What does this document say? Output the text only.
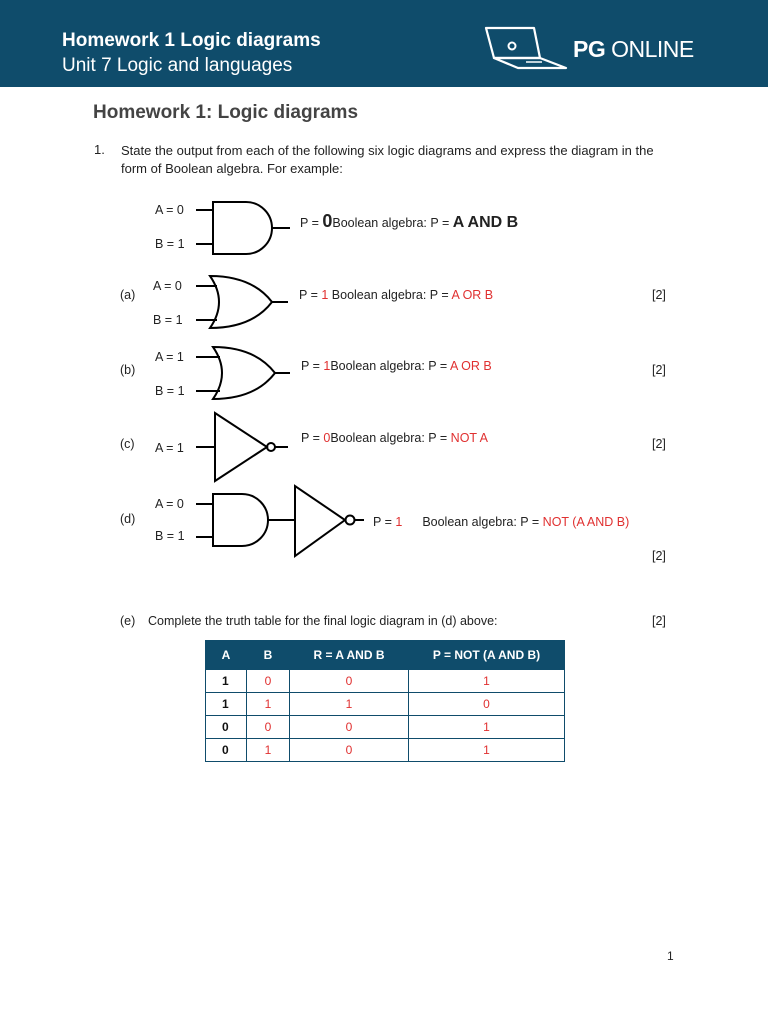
Homework 1 Logic diagrams
Unit 7 Logic and languages
PG ONLINE
Homework 1: Logic diagrams
1. State the output from each of the following six logic diagrams and express the diagram in the form of Boolean algebra. For example:
A = 0
B = 1
P = 0Boolean algebra: P = A AND B
(a)
A = 0
B = 1
P = 1 Boolean algebra: P = A OR B	[2]
(b)
A = 1
B = 1
P = 1Boolean algebra: P = A OR B	[2]
(c) A = 1
P = 0Boolean algebra: P = NOT A	[2]
(d)
A = 0
B = 1
P = 1 Boolean algebra: P = NOT (A AND B)
[2]
(e) Complete the truth table for the final logic diagram in (d) above:	[2]
A	B	R = A AND B	P = NOT (A AND B)
1	0	0	1
1	1	1	0
0	0	0	1
0	1	0	1
1
